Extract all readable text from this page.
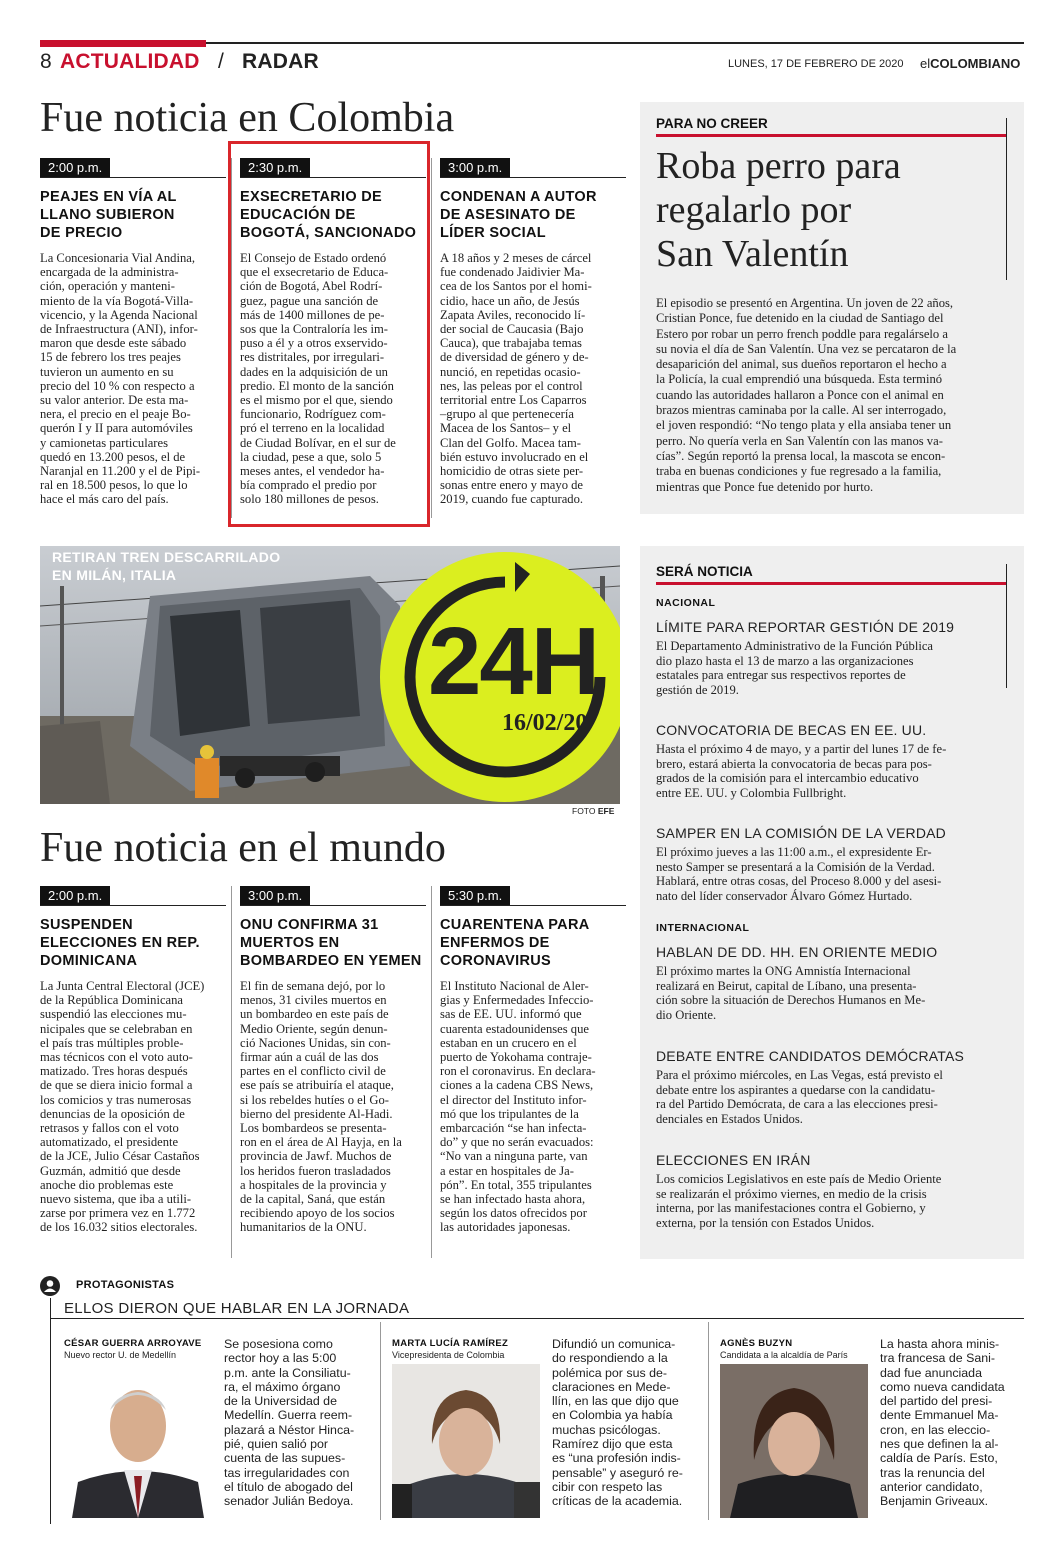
8 ACTUALIDAD / RADAR	LUNES, 17 DE FEBRERO DE 2020 elCOLOMBIANO
Fue noticia en Colombia
2:00 p.m.
PEAJES EN VÍA AL
LLANO SUBIERON
DE PRECIO
La Concesionaria Vial Andina,
encargada de la administra-
ción, operación y manteni-
miento de la vía Bogotá-Villa-
vicencio, y la Agenda Nacional
de Infraestructura (ANI), infor-
maron que desde este sábado
15 de febrero los tres peajes
tuvieron un aumento en su
precio del 10 % con respecto a
su valor anterior. De esta ma-
nera, el precio en el peaje Bo-
querón I y II para automóviles
y camionetas particulares
quedó en 13.200 pesos, el de
Naranjal en 11.200 y el de Pipi-
ral en 18.500 pesos, lo que lo
hace el más caro del país.
2:30 p.m.
EXSECRETARIO DE
EDUCACIÓN DE
BOGOTÁ, SANCIONADO
El Consejo de Estado ordenó
que el exsecretario de Educa-
ción de Bogotá, Abel Rodrí-
guez, pague una sanción de
más de 1400 millones de pe-
sos que la Contraloría les im-
puso a él y a otros exservido-
res distritales, por irregulari-
dades en la adquisición de un
predio. El monto de la sanción
es el mismo por el que, siendo
funcionario, Rodríguez com-
pró el terreno en la localidad
de Ciudad Bolívar, en el sur de
la ciudad, pese a que, solo 5
meses antes, el vendedor ha-
bía comprado el predio por
solo 180 millones de pesos.
3:00 p.m.
CONDENAN A AUTOR
DE ASESINATO DE
LÍDER SOCIAL
A 18 años y 2 meses de cárcel
fue condenado Jaidivier Ma-
cea de los Santos por el homi-
cidio, hace un año, de Jesús
Zapata Aviles, reconocido lí-
der social de Caucasia (Bajo
Cauca), que trabajaba temas
de diversidad de género y de-
nunció, en repetidas ocasio-
nes, las peleas por el control
territorial entre Los Caparros
–grupo al que pertenecería
Macea de los Santos– y el
Clan del Golfo. Macea tam-
bién estuvo involucrado en el
homicidio de otras siete per-
sonas entre enero y mayo de
2019, cuando fue capturado.
PARA NO CREER
Roba perro para
regalarlo por
San Valentín
El episodio se presentó en Argentina. Un joven de 22 años,
Cristian Ponce, fue detenido en la ciudad de Santiago del
Estero por robar un perro french poddle para regalárselo a
su novia el día de San Valentín. Una vez se percataron de la
desaparición del animal, sus dueños reportaron el hecho a
la Policía, la cual emprendió una búsqueda. Esta terminó
cuando las autoridades hallaron a Ponce con el animal en
brazos mientras caminaba por la calle. Al ser interrogado,
el joven respondió: “No tengo plata y ella ansiaba tener un
perro. No quería verla en San Valentín con las manos va-
cías”. Según reportó la prensa local, la mascota se encon-
traba en buenas condiciones y fue regresado a la familia,
mientras que Ponce fue detenido por hurto.
RETIRAN TREN DESCARRILADO
EN MILÁN, ITALIA
24H
16/02/20
FOTO EFE
Fue noticia en el mundo
2:00 p.m.
SUSPENDEN
ELECCIONES EN REP.
DOMINICANA
La Junta Central Electoral (JCE)
de la República Dominicana
suspendió las elecciones mu-
nicipales que se celebraban en
el país tras múltiples proble-
mas técnicos con el voto auto-
matizado. Tres horas después
de que se diera inicio formal a
los comicios y tras numerosas
denuncias de la oposición de
retrasos y fallos con el voto
automatizado, el presidente
de la JCE, Julio César Castaños
Guzmán, admitió que desde
anoche dio problemas este
nuevo sistema, que iba a utili-
zarse por primera vez en 1.772
de los 16.032 sitios electorales.
3:00 p.m.
ONU CONFIRMA 31
MUERTOS EN
BOMBARDEO EN YEMEN
El fin de semana dejó, por lo
menos, 31 civiles muertos en
un bombardeo en este país de
Medio Oriente, según denun-
ció Naciones Unidas, sin con-
firmar aún a cuál de las dos
partes en el conflicto civil de
ese país se atribuiría el ataque,
si los rebeldes hutíes o el Go-
bierno del presidente Al-Hadi.
Los bombardeos se presenta-
ron en el área de Al Hayja, en la
provincia de Jawf. Muchos de
los heridos fueron trasladados
a hospitales de la provincia y
de la capital, Saná, que están
recibiendo apoyo de los socios
humanitarios de la ONU.
5:30 p.m.
CUARENTENA PARA
ENFERMOS DE
CORONAVIRUS
El Instituto Nacional de Aler-
gias y Enfermedades Infeccio-
sas de EE. UU. informó que
cuarenta estadounidenses que
estaban en un crucero en el
puerto de Yokohama contraje-
ron el coronavirus. En declara-
ciones a la cadena CBS News,
el director del Instituto infor-
mó que los tripulantes de la
embarcación “se han infecta-
do” y que no serán evacuados:
“No van a ninguna parte, van
a estar en hospitales de Ja-
pón”. En total, 355 tripulantes
se han infectado hasta ahora,
según los datos ofrecidos por
las autoridades japonesas.
SERÁ NOTICIA
NACIONAL
LÍMITE PARA REPORTAR GESTIÓN DE 2019
El Departamento Administrativo de la Función Pública
dio plazo hasta el 13 de marzo a las organizaciones
estatales para entregar sus respectivos reportes de
gestión de 2019.
CONVOCATORIA DE BECAS EN EE. UU.
Hasta el próximo 4 de mayo, y a partir del lunes 17 de fe-
brero, estará abierta la convocatoria de becas para pos-
grados de la comisión para el intercambio educativo
entre EE. UU. y Colombia Fullbright.
SAMPER EN LA COMISIÓN DE LA VERDAD
El próximo jueves a las 11:00 a.m., el expresidente Er-
nesto Samper se presentará a la Comisión de la Verdad.
Hablará, entre otras cosas, del Proceso 8.000 y del asesi-
nato del líder conservador Álvaro Gómez Hurtado.
INTERNACIONAL
HABLAN DE DD. HH. EN ORIENTE MEDIO
El próximo martes la ONG Amnistía Internacional
realizará en Beirut, capital de Líbano, una presenta-
ción sobre la situación de Derechos Humanos en Me-
dio Oriente.
DEBATE ENTRE CANDIDATOS DEMÓCRATAS
Para el próximo miércoles, en Las Vegas, está previsto el
debate entre los aspirantes a quedarse con la candidatu-
ra del Partido Demócrata, de cara a las elecciones presi-
denciales en Estados Unidos.
ELECCIONES EN IRÁN
Los comicios Legislativos en este país de Medio Oriente
se realizarán el próximo viernes, en medio de la crisis
interna, por las manifestaciones contra el Gobierno, y
externa, por la tensión con Estados Unidos.
PROTAGONISTAS
ELLOS DIERON QUE HABLAR EN LA JORNADA
CÉSAR GUERRA ARROYAVE
Nuevo rector U. de Medellín
Se posesiona como
rector hoy a las 5:00
p.m. ante la Consiliatu-
ra, el máximo órgano
de la Universidad de
Medellín. Guerra reem-
plazará a Néstor Hinca-
pié, quien salió por
cuenta de las supues-
tas irregularidades con
el título de abogado del
senador Julián Bedoya.
MARTA LUCÍA RAMÍREZ
Vicepresidenta de Colombia
Difundió un comunica-
do respondiendo a la
polémica por sus de-
claraciones en Mede-
llín, en las que dijo que
en Colombia ya había
muchas psicólogas.
Ramírez dijo que esta
es “una profesión indis-
pensable” y aseguró re-
cibir con respeto las
críticas de la academia.
AGNÈS BUZYN
Candidata a la alcaldía de París
La hasta ahora minis-
tra francesa de Sani-
dad fue anunciada
como nueva candidata
del partido del presi-
dente Emmanuel Ma-
cron, en las eleccio-
nes que definen la al-
caldía de París. Esto,
tras la renuncia del
anterior candidato,
Benjamin Griveaux.
